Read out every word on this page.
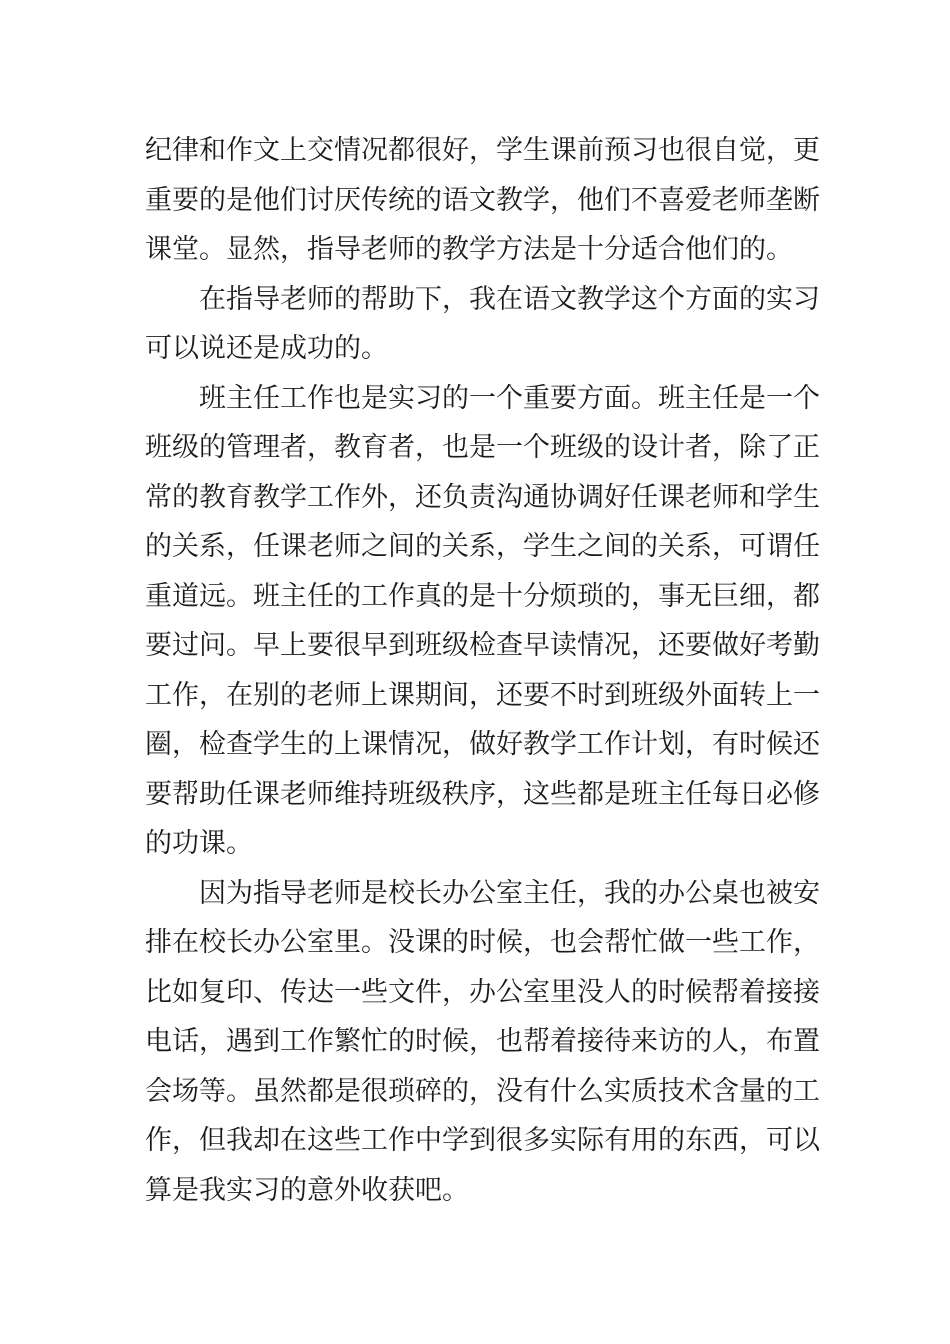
纪律和作文上交情况都很好，学生课前预习也很自觉，更
重要的是他们讨厌传统的语文教学，他们不喜爱老师垄断
课堂。显然，指导老师的教学方法是十分适合他们的。
在指导老师的帮助下，我在语文教学这个方面的实习
可以说还是成功的。
班主任工作也是实习的一个重要方面。班主任是一个
班级的管理者，教育者，也是一个班级的设计者，除了正
常的教育教学工作外，还负责沟通协调好任课老师和学生
的关系，任课老师之间的关系，学生之间的关系，可谓任
重道远。班主任的工作真的是十分烦琐的，事无巨细，都
要过问。早上要很早到班级检查早读情况，还要做好考勤
工作，在别的老师上课期间，还要不时到班级外面转上一
圈，检查学生的上课情况，做好教学工作计划，有时候还
要帮助任课老师维持班级秩序，这些都是班主任每日必修
的功课。
因为指导老师是校长办公室主任，我的办公桌也被安
排在校长办公室里。没课的时候，也会帮忙做一些工作，
比如复印、传达一些文件，办公室里没人的时候帮着接接
电话，遇到工作繁忙的时候，也帮着接待来访的人，布置
会场等。虽然都是很琐碎的，没有什么实质技术含量的工
作，但我却在这些工作中学到很多实际有用的东西，可以
算是我实习的意外收获吧。
